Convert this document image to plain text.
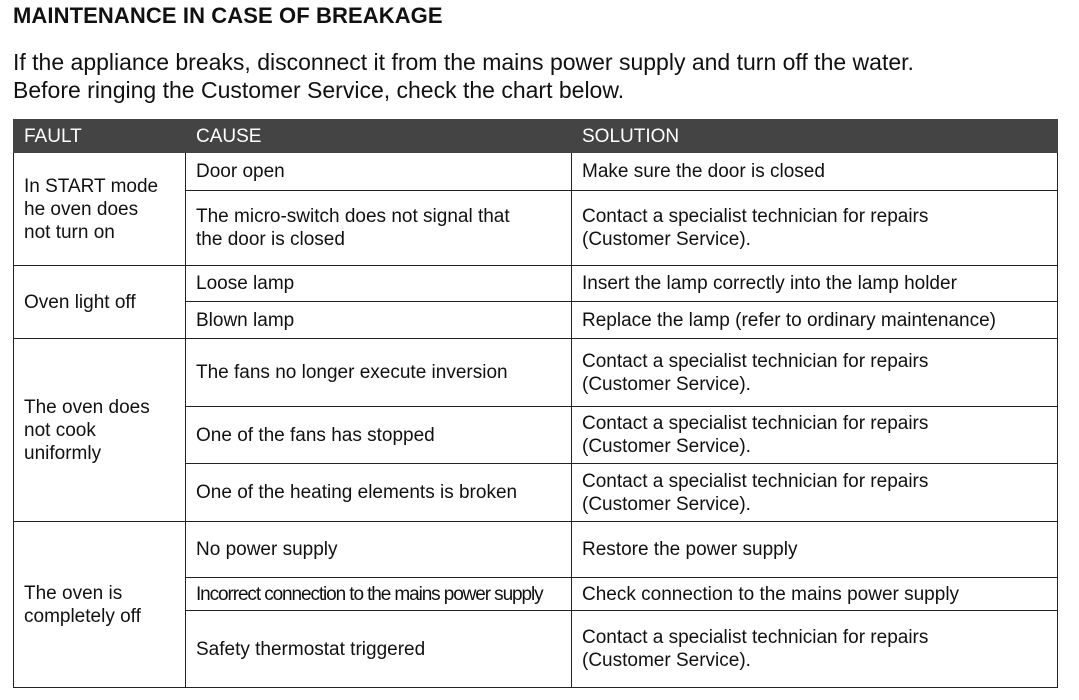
MAINTENANCE IN CASE OF BREAKAGE

If the appliance breaks, disconnect it from the mains power supply and turn off the water.
Before ringing the Customer Service, check the chart below.

FAULT	CAUSE	SOLUTION

In START mode
he oven does
not turn on	Door open	Make sure the door is closed

	The micro-switch does not signal that
the door is closed	Contact a specialist technician for repairs
(Customer Service).

Oven light off	Loose lamp	Insert the lamp correctly into the lamp holder

	Blown lamp	Replace the lamp (refer to ordinary maintenance)

The oven does
not cook
uniformly	The fans no longer execute inversion	Contact a specialist technician for repairs
(Customer Service).

	One of the fans has stopped	Contact a specialist technician for repairs
(Customer Service).

	One of the heating elements is broken	Contact a specialist technician for repairs
(Customer Service).

The oven is
completely off	No power supply	Restore the power supply

	Incorrect connection to the mains power supply	Check connection to the mains power supply

	Safety thermostat triggered	Contact a specialist technician for repairs
(Customer Service).
